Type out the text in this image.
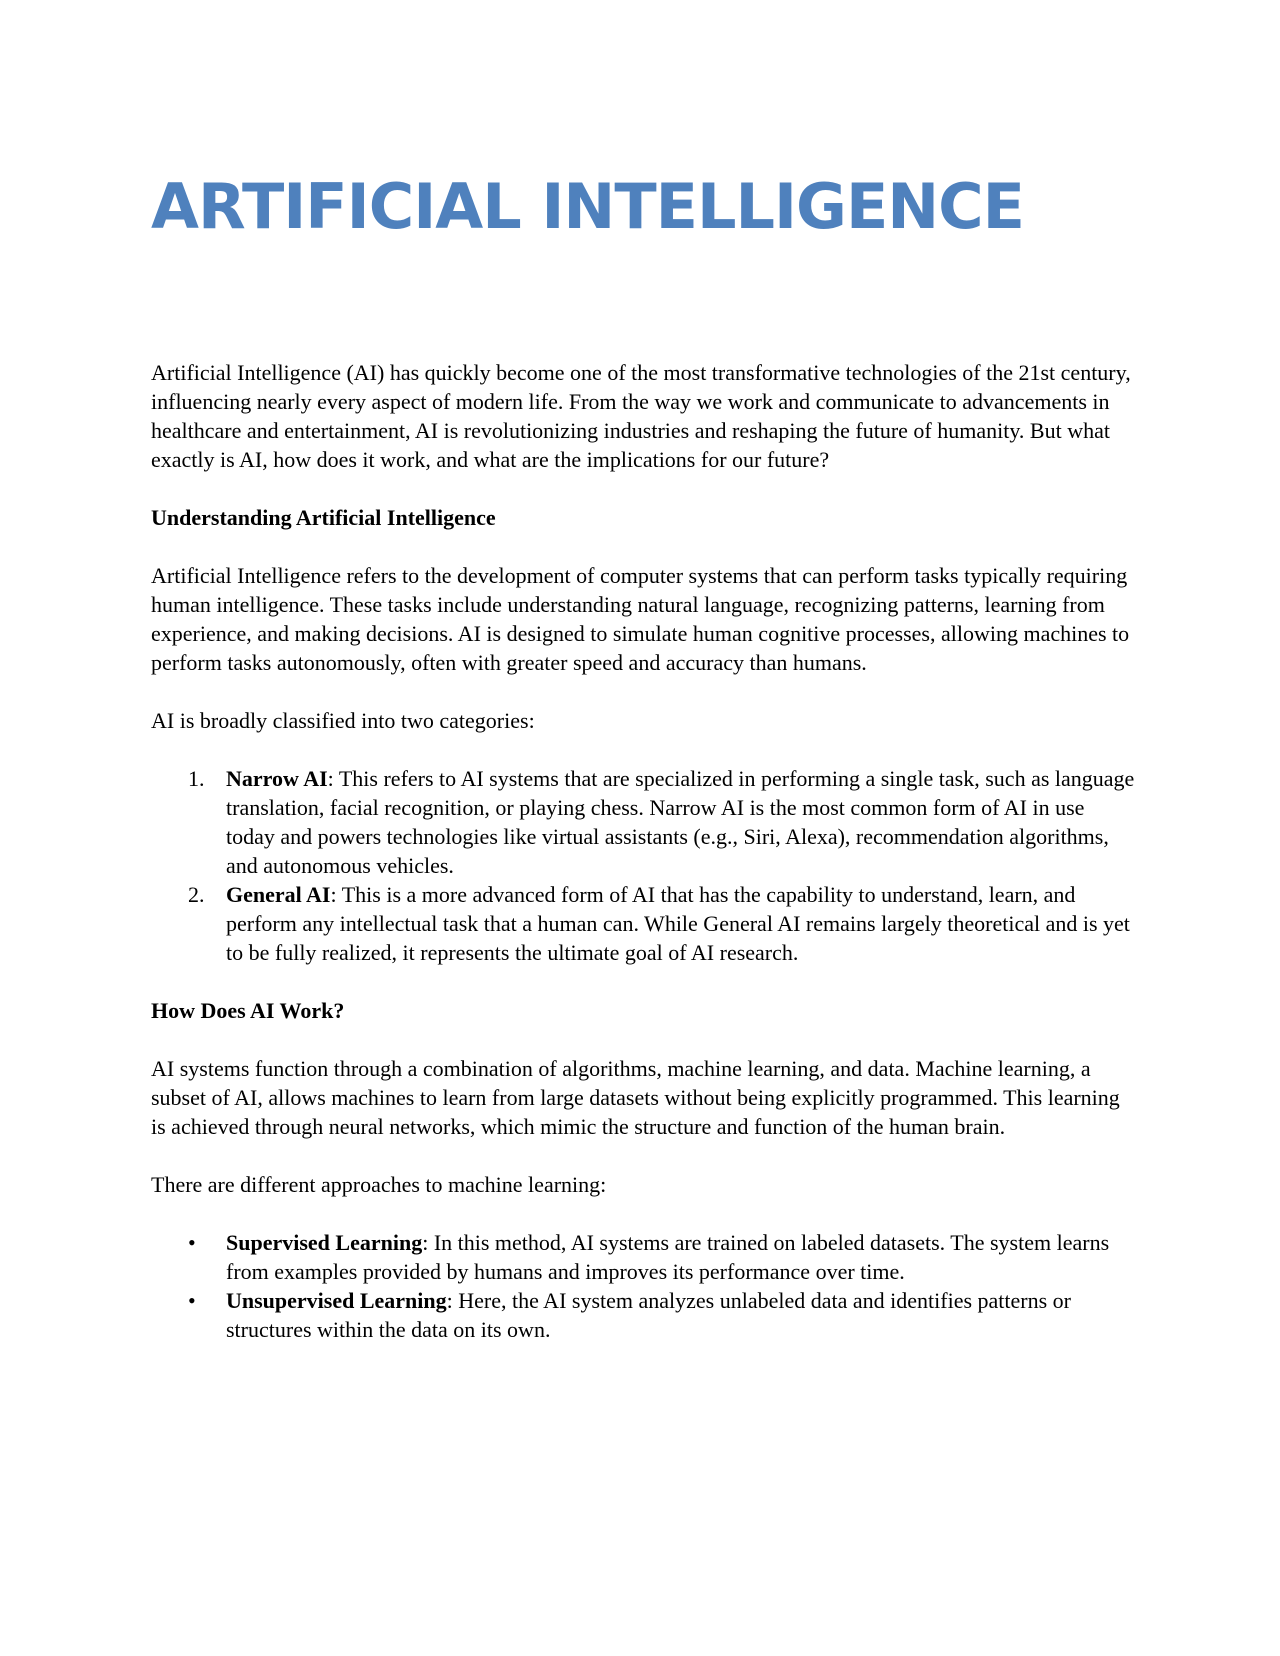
ARTIFICIAL INTELLIGENCE

Artificial Intelligence (AI) has quickly become one of the most transformative technologies of the 21st century, influencing nearly every aspect of modern life. From the way we work and communicate to advancements in healthcare and entertainment, AI is revolutionizing industries and reshaping the future of humanity. But what exactly is AI, how does it work, and what are the implications for our future?

Understanding Artificial Intelligence

Artificial Intelligence refers to the development of computer systems that can perform tasks typically requiring human intelligence. These tasks include understanding natural language, recognizing patterns, learning from experience, and making decisions. AI is designed to simulate human cognitive processes, allowing machines to perform tasks autonomously, often with greater speed and accuracy than humans.

AI is broadly classified into two categories:

1. Narrow AI: This refers to AI systems that are specialized in performing a single task, such as language translation, facial recognition, or playing chess. Narrow AI is the most common form of AI in use today and powers technologies like virtual assistants (e.g., Siri, Alexa), recommendation algorithms, and autonomous vehicles.
2. General AI: This is a more advanced form of AI that has the capability to understand, learn, and perform any intellectual task that a human can. While General AI remains largely theoretical and is yet to be fully realized, it represents the ultimate goal of AI research.

How Does AI Work?

AI systems function through a combination of algorithms, machine learning, and data. Machine learning, a subset of AI, allows machines to learn from large datasets without being explicitly programmed. This learning is achieved through neural networks, which mimic the structure and function of the human brain.

There are different approaches to machine learning:

• Supervised Learning: In this method, AI systems are trained on labeled datasets. The system learns from examples provided by humans and improves its performance over time.
• Unsupervised Learning: Here, the AI system analyzes unlabeled data and identifies patterns or structures within the data on its own.
